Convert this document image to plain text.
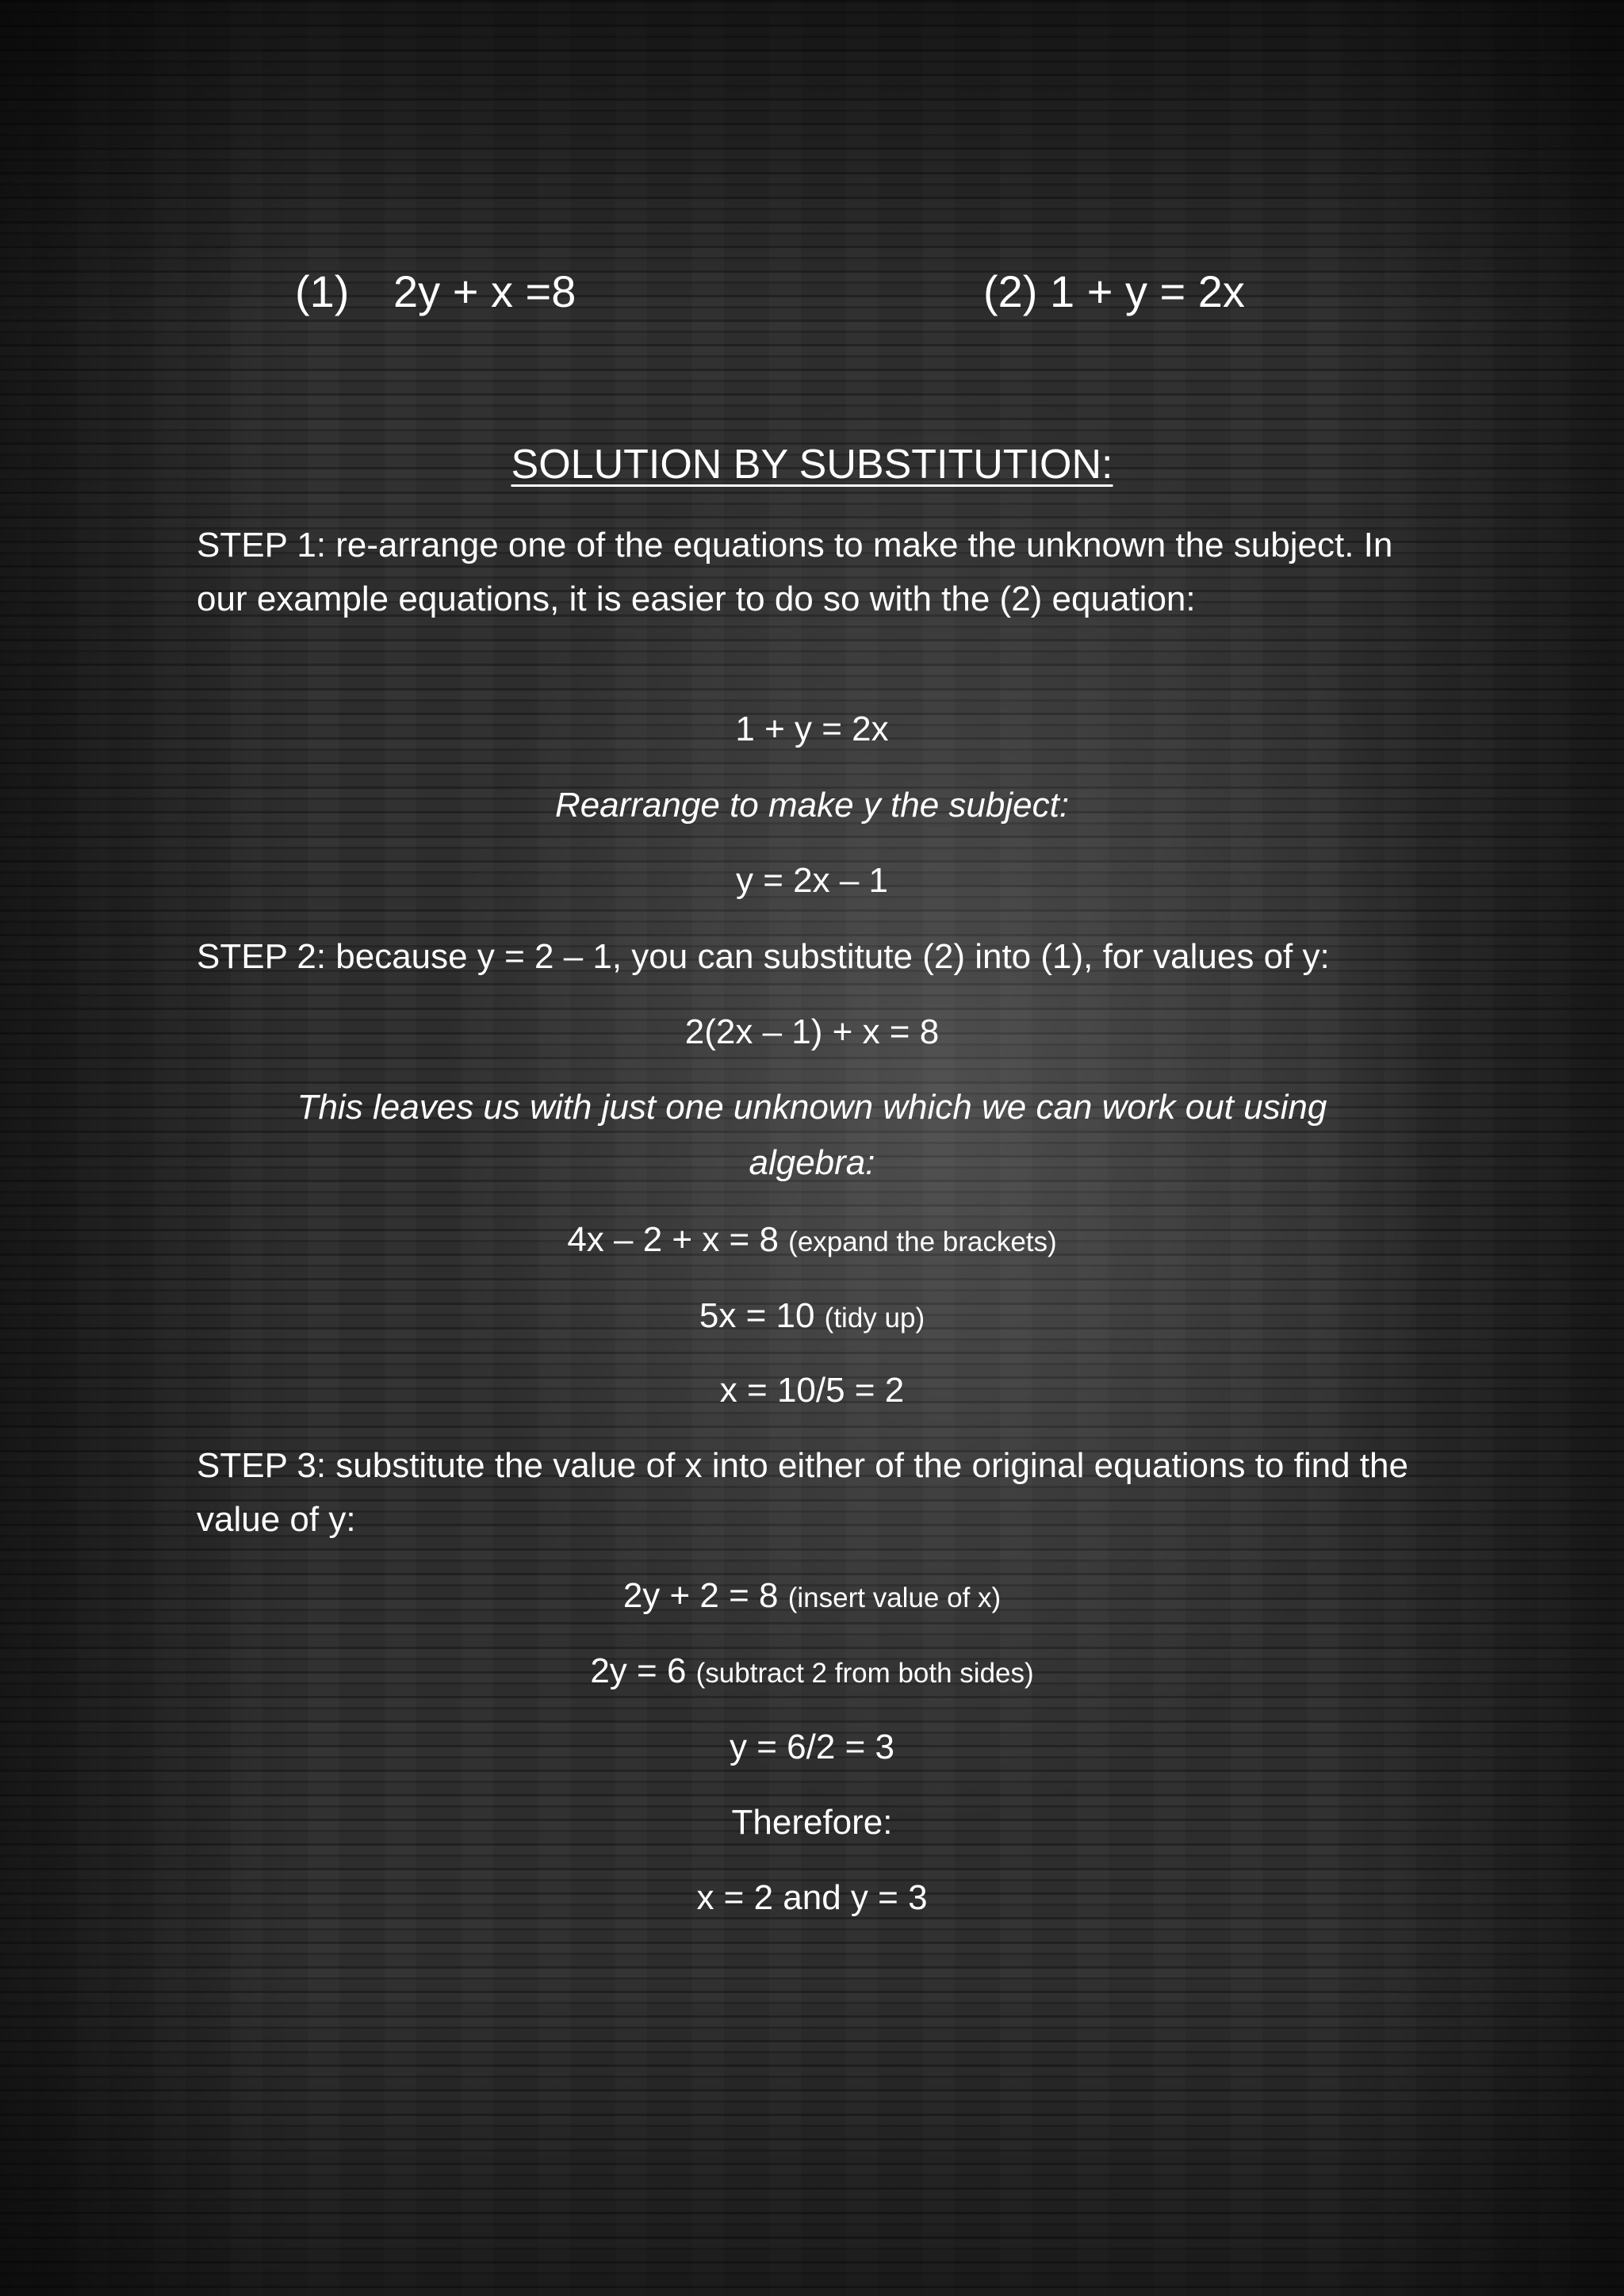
(1) 2y + x =8	(2) 1 + y = 2x
SOLUTION BY SUBSTITUTION:
STEP 1: re-arrange one of the equations to make the unknown the subject. In our example equations, it is easier to do so with the (2) equation:
1 + y = 2x
Rearrange to make y the subject:
y = 2x – 1
STEP 2: because y = 2 – 1, you can substitute (2) into (1), for values of y:
2(2x – 1) + x = 8
This leaves us with just one unknown which we can work out using algebra:
4x – 2 + x = 8 (expand the brackets)
5x = 10 (tidy up)
x = 10/5 = 2
STEP 3: substitute the value of x into either of the original equations to find the value of y:
2y + 2 = 8 (insert value of x)
2y = 6 (subtract 2 from both sides)
y = 6/2 = 3
Therefore:
x = 2 and y = 3
